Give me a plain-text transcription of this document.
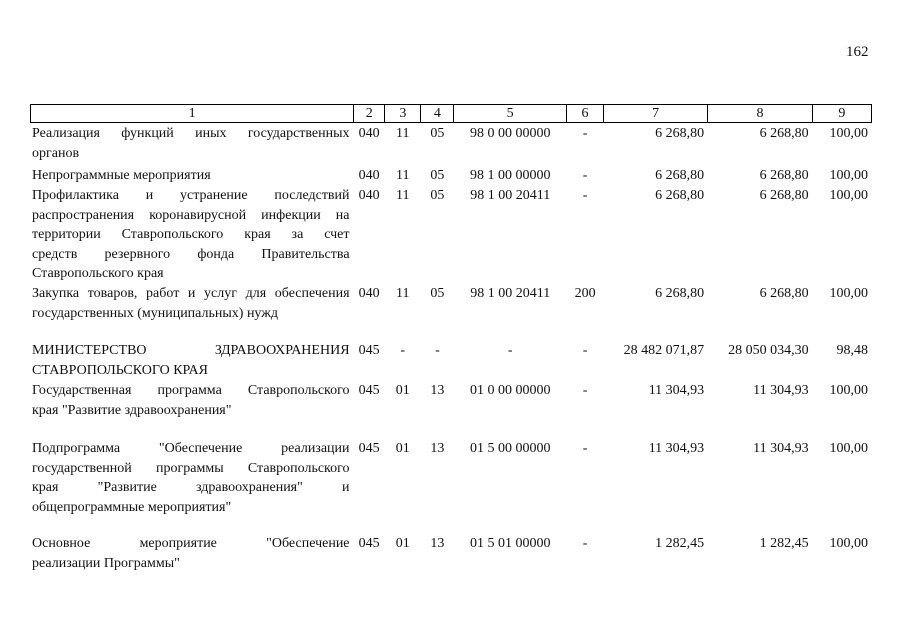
162
1	2	3	4	5	6	7	8	9
Реализация функций иных государственных
органов	040	11	05	98 0 00 00000	-	6 268,80	6 268,80	100,00

Непрограммные мероприятия	040	11	05	98 1 00 00000	-	6 268,80	6 268,80	100,00

Профилактика и устранение последствий
распространения коронавирусной инфекции на
территории Ставропольского края за счет
средств резервного фонда Правительства
Ставропольского края	040	11	05	98 1 00 20411	-	6 268,80	6 268,80	100,00

Закупка товаров, работ и услуг для обеспечения
государственных (муниципальных) нужд	040	11	05	98 1 00 20411	200	6 268,80	6 268,80	100,00

МИНИСТЕРСТВО ЗДРАВООХРАНЕНИЯ
СТАВРОПОЛЬСКОГО КРАЯ	045	-	-	-	-	28 482 071,87	28 050 034,30	98,48

Государственная программа Ставропольского
края "Развитие здравоохранения"	045	01	13	01 0 00 00000	-	11 304,93	11 304,93	100,00

Подпрограмма "Обеспечение реализации
государственной программы Ставропольского
края "Развитие здравоохранения" и
общепрограммные мероприятия"	045	01	13	01 5 00 00000	-	11 304,93	11 304,93	100,00

Основное мероприятие "Обеспечение
реализации Программы"	045	01	13	01 5 01 00000	-	1 282,45	1 282,45	100,00
